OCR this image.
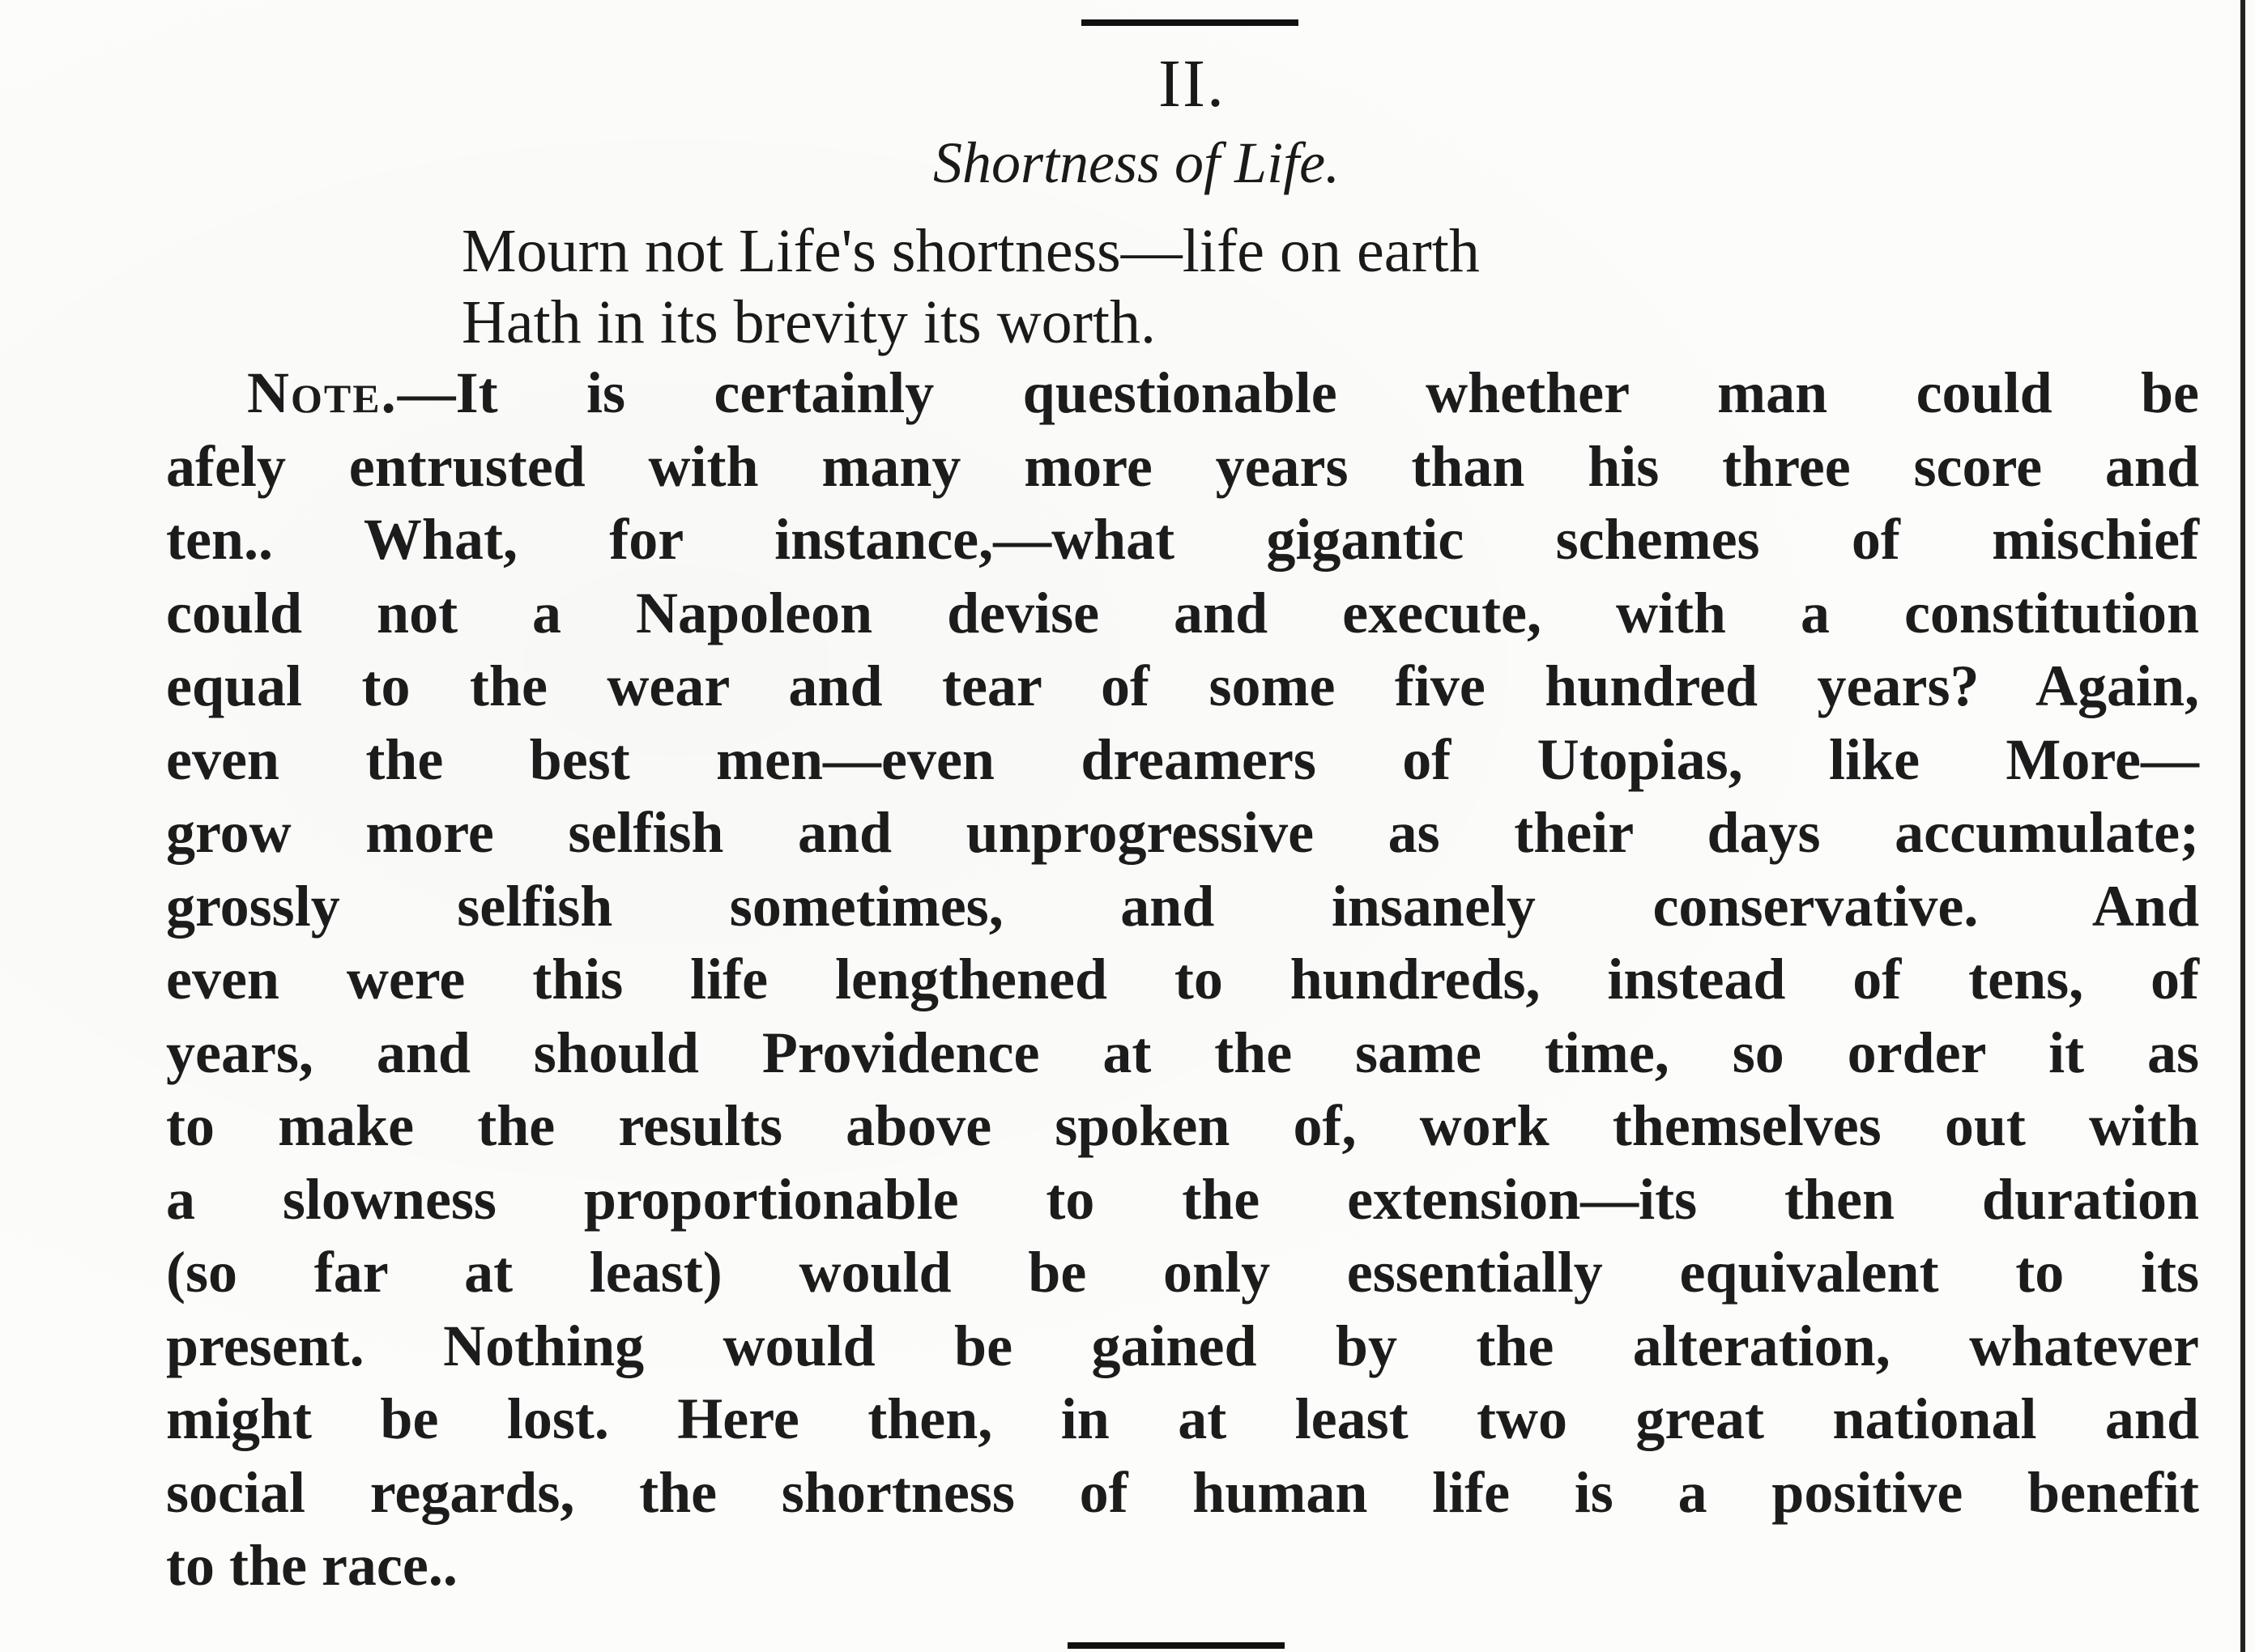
II.
Shortness of Life.
Mourn not Life's shortness—life on earth
Hath in its brevity its worth.
Note.—It is certainly questionable whether man could be
afely entrusted with many more years than his three score and
ten.. What, for instance,—what gigantic schemes of mischief
could not a Napoleon devise and execute, with a constitution
equal to the wear and tear of some five hundred years? Again,
even the best men—even dreamers of Utopias, like More—
grow more selfish and unprogressive as their days accumulate;
grossly selfish sometimes, and insanely conservative. And
even were this life lengthened to hundreds, instead of tens, of
years, and should Providence at the same time, so order it as
to make the results above spoken of, work themselves out with
a slowness proportionable to the extension—its then duration
(so far at least) would be only essentially equivalent to its
present. Nothing would be gained by the alteration, whatever
might be lost. Here then, in at least two great national and
social regards, the shortness of human life is a positive benefit
to the race..
